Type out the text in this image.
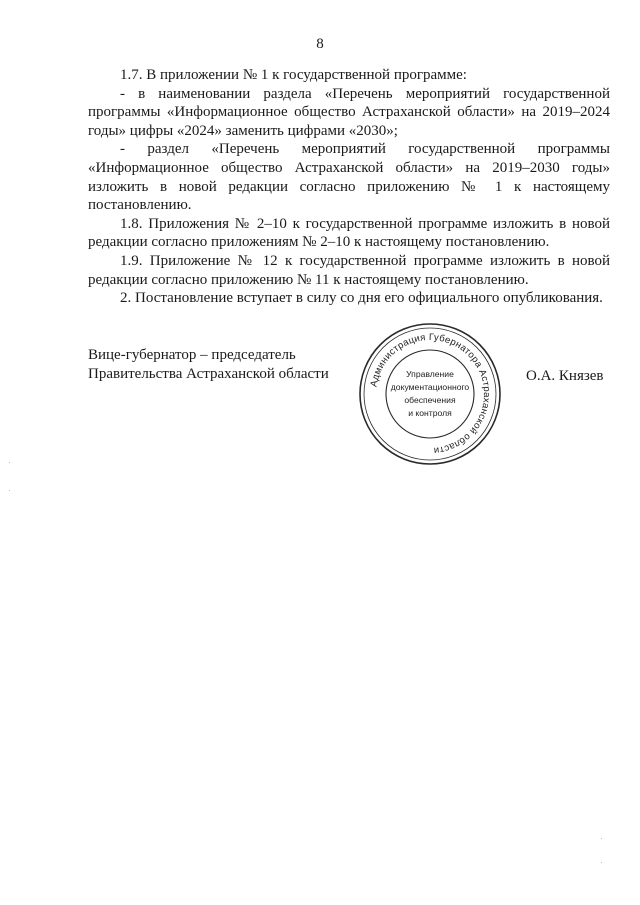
8

1.7. В приложении № 1 к государственной программе:

- в наименовании раздела «Перечень мероприятий государственной программы «Информационное общество Астраханской области» на 2019–2024 годы» цифры «2024» заменить цифрами «2030»;

- раздел «Перечень мероприятий государственной программы «Информационное общество Астраханской области» на 2019–2030 годы» изложить в новой редакции согласно приложению № 1 к настоящему постановлению.

1.8. Приложения № 2–10 к государственной программе изложить в новой редакции согласно приложениям № 2–10 к настоящему постановлению.

1.9. Приложение № 12 к государственной программе изложить в новой редакции согласно приложению № 11 к настоящему постановлению.

2. Постановление вступает в силу со дня его официального опубликования.

Вице-губернатор – председатель
Правительства Астраханской области
Администрация Губернатора Астраханской области
Управление
документационного
обеспечения
и контроля
О.А. Князев
